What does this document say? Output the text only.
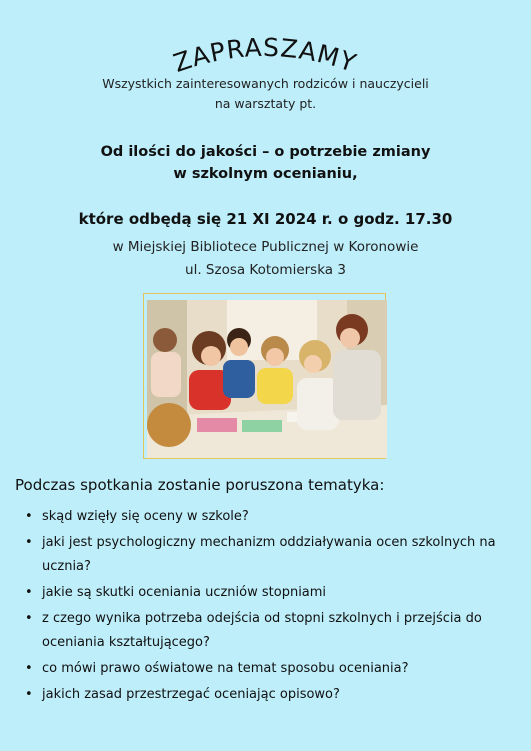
ZAPRASZAMY
Wszystkich zainteresowanych rodziców i nauczycieli
na warsztaty pt.
Od ilości do jakości – o potrzebie zmiany
w szkolnym ocenianiu,
które odbędą się 21 XI 2024 r. o godz. 17.30
w Miejskiej Bibliotece Publicznej w Koronowie
ul. Szosa Kotomierska 3
Podczas spotkania zostanie poruszona tematyka:
• skąd wzięły się oceny w szkole?
• jaki jest psychologiczny mechanizm oddziaływania ocen szkolnych na
ucznia?
• jakie są skutki oceniania uczniów stopniami
• z czego wynika potrzeba odejścia od stopni szkolnych i przejścia do
oceniania kształtującego?
• co mówi prawo oświatowe na temat sposobu oceniania?
• jakich zasad przestrzegać oceniając opisowo?
